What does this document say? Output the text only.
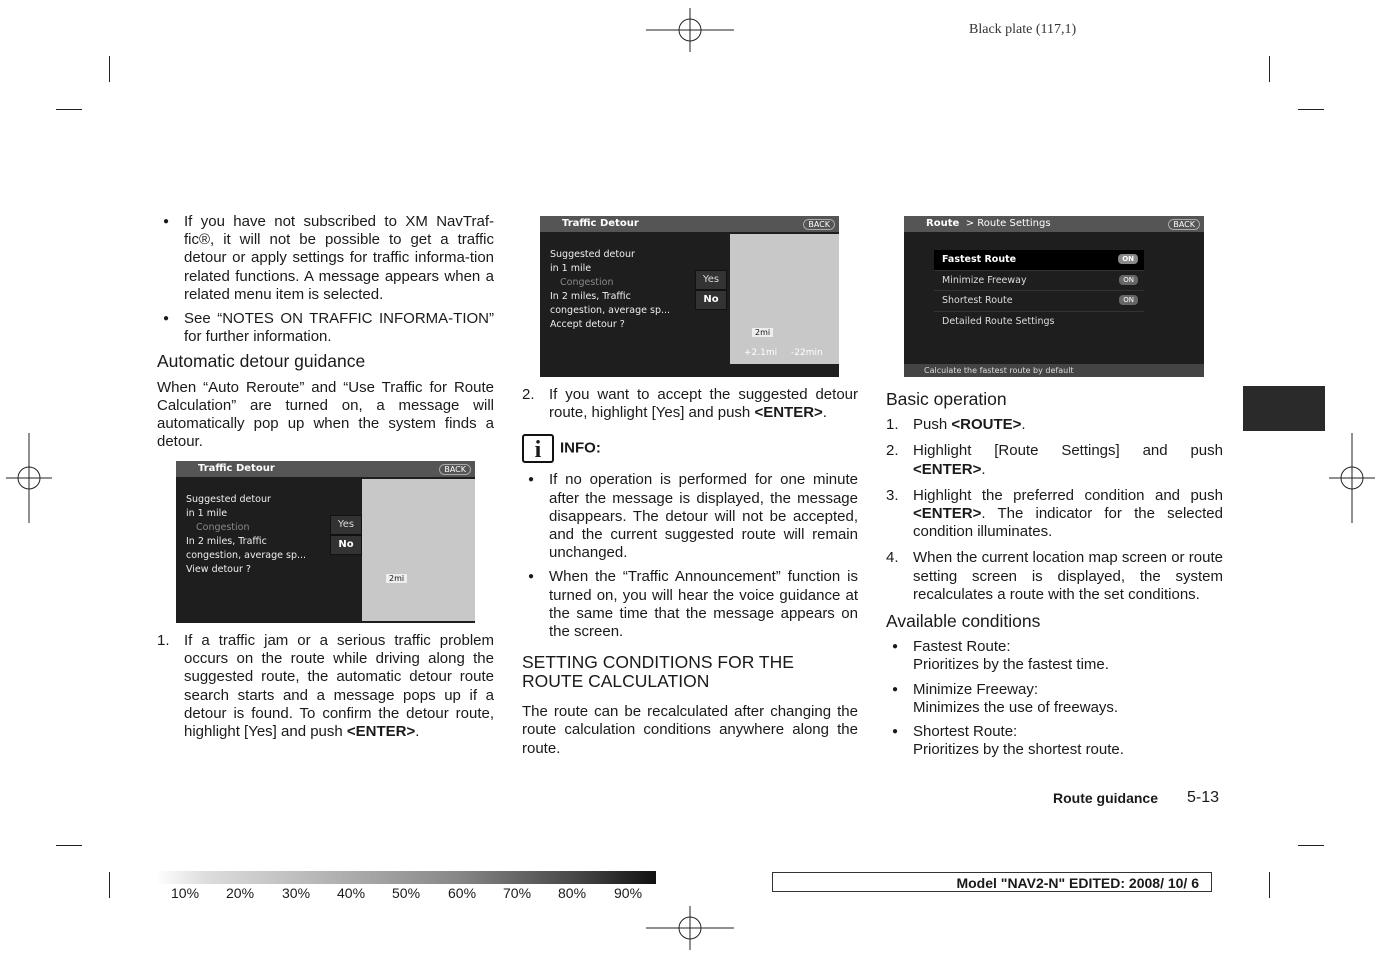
Black plate (117,1)
● If you have not subscribed to XM NavTraf-fic®, it will not be possible to get a traffic detour or apply settings for traffic informa-tion related functions. A message appears when a related menu item is selected.
● See “NOTES ON TRAFFIC INFORMA-TION” for further information.
Automatic detour guidance
When “Auto Reroute” and “Use Traffic for Route Calculation” are turned on, a message will automatically pop up when the system finds a detour.
Traffic Detour	BACK
Suggested detour
in 1 mile
Congestion
In 2 miles, Traffic
congestion, average sp...
View detour ?
Yes
No
2mi
1. If a traffic jam or a serious traffic problem occurs on the route while driving along the suggested route, the automatic detour route search starts and a message pops up if a detour is found. To confirm the detour route, highlight [Yes] and push <ENTER>.
Traffic Detour	BACK
Suggested detour
in 1 mile
Congestion
In 2 miles, Traffic
congestion, average sp...
Accept detour ?
Yes
No
2mi
+2.1mi -22min
2. If you want to accept the suggested detour route, highlight [Yes] and push <ENTER>.
i INFO:
● If no operation is performed for one minute after the message is displayed, the message disappears. The detour will not be accepted, and the current suggested route will remain unchanged.
● When the “Traffic Announcement” function is turned on, you will hear the voice guidance at the same time that the message appears on the screen.
SETTING CONDITIONS FOR THE ROUTE CALCULATION
The route can be recalculated after changing the route calculation conditions anywhere along the route.
Route > Route Settings	BACK
Fastest Route	ON
Minimize Freeway	ON
Shortest Route	ON
Detailed Route Settings
Calculate the fastest route by default
Basic operation
1. Push <ROUTE>.
2. Highlight [Route Settings] and push <ENTER>.
3. Highlight the preferred condition and push <ENTER>. The indicator for the selected condition illuminates.
4. When the current location map screen or route setting screen is displayed, the system recalculates a route with the set conditions.
Available conditions
● Fastest Route:
Prioritizes by the fastest time.
● Minimize Freeway:
Minimizes the use of freeways.
● Shortest Route:
Prioritizes by the shortest route.
Route guidance 5-13
10% 20% 30% 40% 50% 60% 70% 80% 90%
Model "NAV2-N" EDITED: 2008/ 10/ 6
